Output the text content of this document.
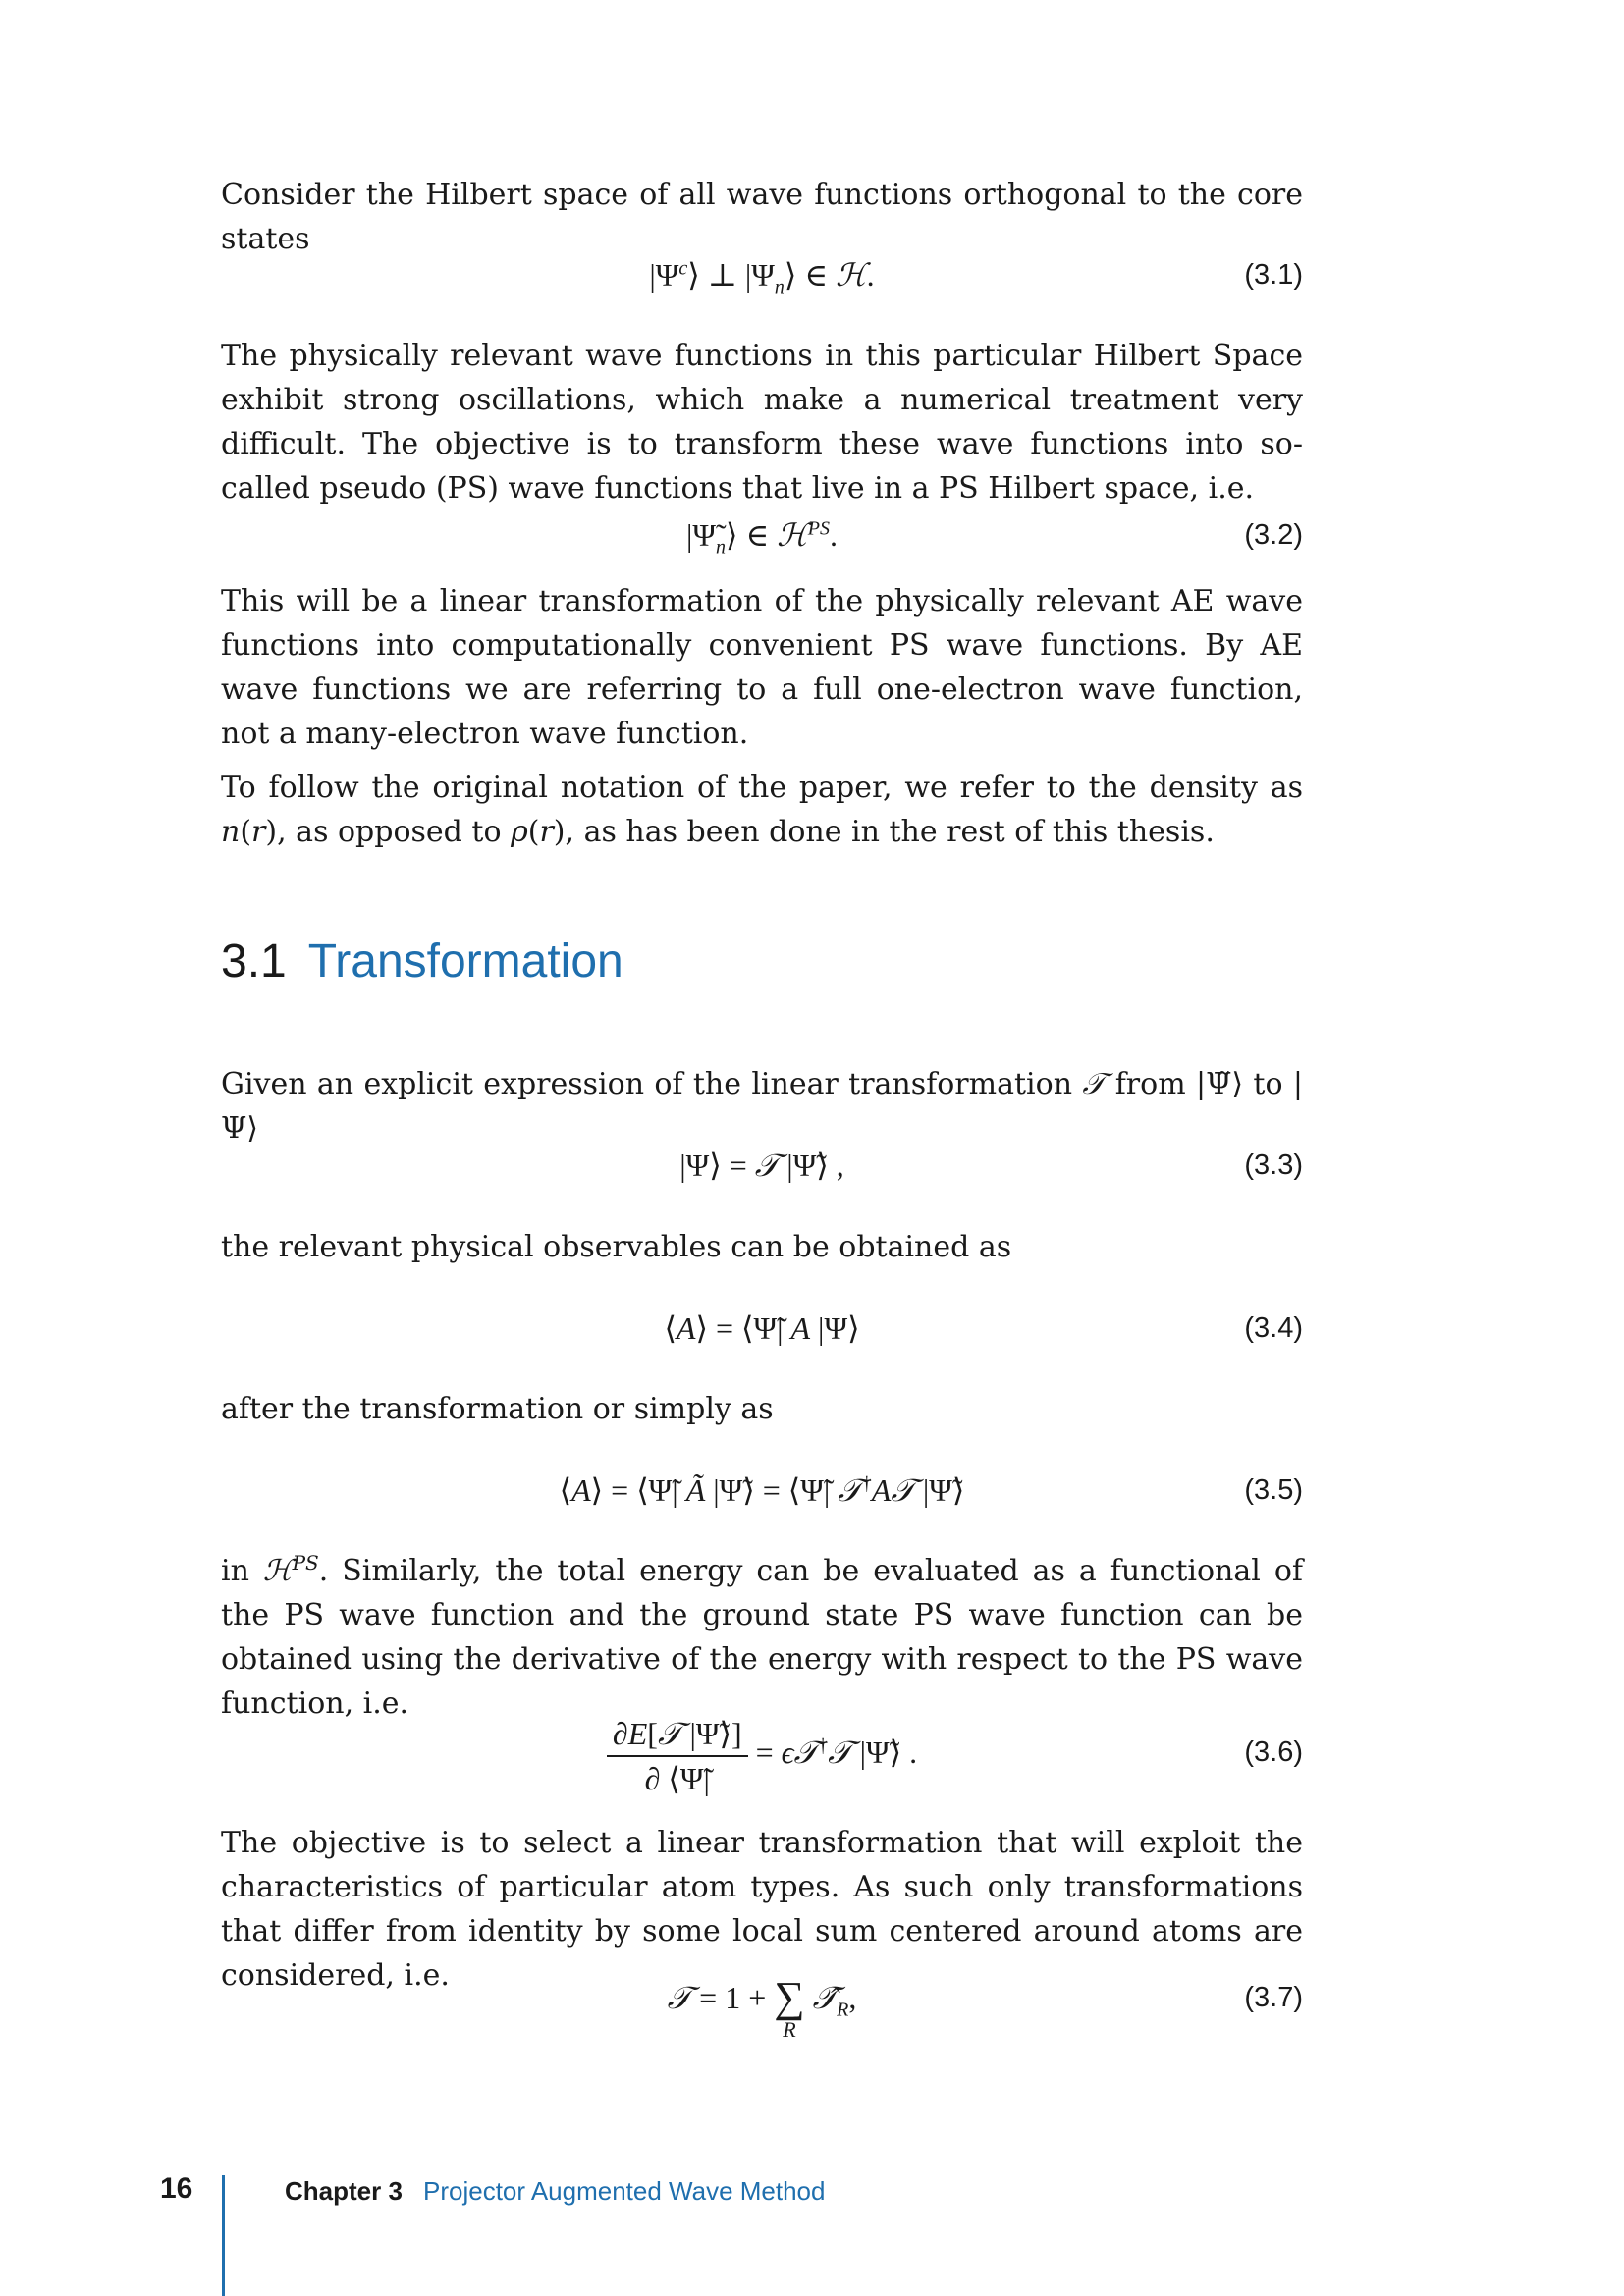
Consider the Hilbert space of all wave functions orthogonal to the core states

$|\Psi^c⟩$ ⊥ $|\Psi_n⟩$ ∈ ℋ.	(3.1)

The physically relevant wave functions in this particular Hilbert Space exhibit strong oscillations, which make a numerical treatment very difficult. The objective is to transform these wave functions into so-called pseudo (PS) wave functions that live in a PS Hilbert space, i.e.

$|\Psĩ_n⟩$ ∈ ℋ$^{PS}$.	(3.2)

This will be a linear transformation of the physically relevant AE wave functions into computationally convenient PS wave functions. By AE wave functions we are referring to a full one-electron wave function, not a many-electron wave function.

To follow the original notation of the paper, we refer to the density as n(r), as opposed to ρ(r), as has been done in the rest of this thesis.

3.1 Transformation

Given an explicit expression of the linear transformation 𝒯 from |Ψ̃⟩ to |Ψ⟩

|Ψ⟩ = 𝒯 |Ψ̃⟩ ,	(3.3)

the relevant physical observables can be obtained as

⟨A⟩ = ⟨Ψ̃| A |Ψ⟩	(3.4)

after the transformation or simply as

⟨A⟩ = ⟨Ψ̃| Ã |Ψ̃⟩ = ⟨Ψ̃| 𝒯†A𝒯 |Ψ̃⟩	(3.5)

in ℋ$^{PS}$. Similarly, the total energy can be evaluated as a functional of the PS wave function and the ground state PS wave function can be obtained using the derivative of the energy with respect to the PS wave function, i.e.

$\frac{\text{∂E[𝒯 |Ψ̃⟩]}}{\partial ⟨\Psĩ|}$ = ϵ𝒯†𝒯 |Ψ̃⟩ .	(3.6)

The objective is to select a linear transformation that will exploit the characteristics of particular atom types. As such only transformations that differ from identity by some local sum centered around atoms are considered, i.e.

𝒯 = 1 + ∑
R
$𝒯̂_R$,	(3.7)
16	Chapter 3 Projector Augmented Wave Method
